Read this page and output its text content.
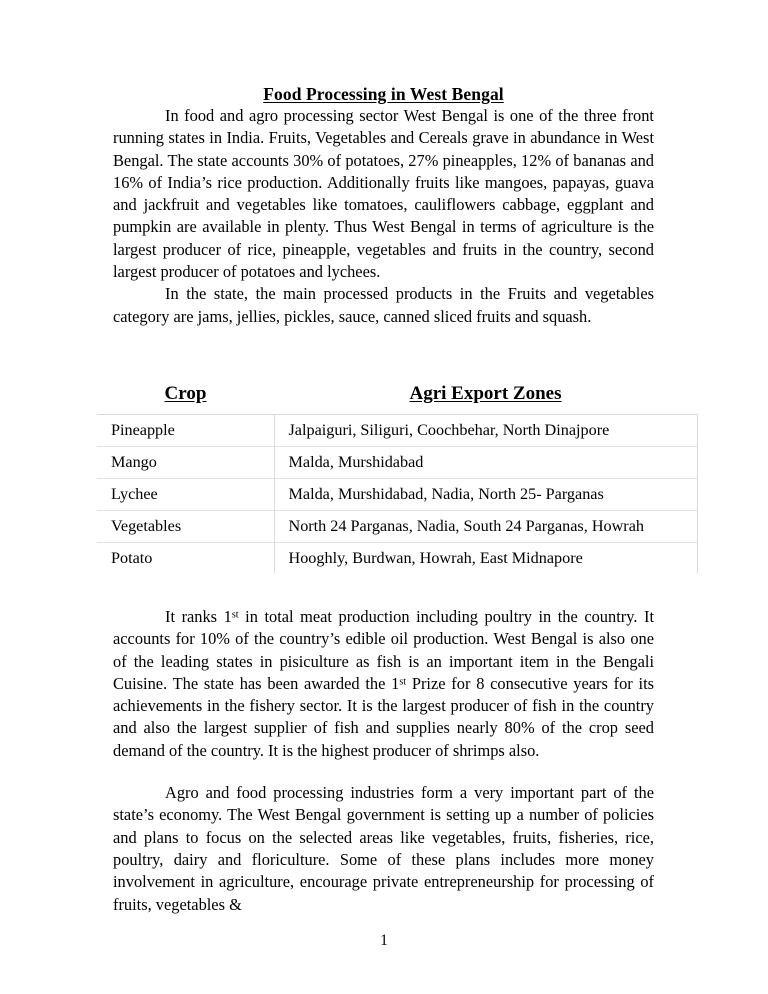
Food Processing in West Bengal

In food and agro processing sector West Bengal is one of the three front running states in India. Fruits, Vegetables and Cereals grave in abundance in West Bengal. The state accounts 30% of potatoes, 27% pineapples, 12% of bananas and 16% of India’s rice production. Additionally fruits like mangoes, papayas, guava and jackfruit and vegetables like tomatoes, cauliflowers cabbage, eggplant and pumpkin are available in plenty. Thus West Bengal in terms of agriculture is the largest producer of rice, pineapple, vegetables and fruits in the country, second largest producer of potatoes and lychees.

In the state, the main processed products in the Fruits and vegetables category are jams, jellies, pickles, sauce, canned sliced fruits and squash.

Crop	Agri Export Zones
Pineapple	Jalpaiguri, Siliguri, Coochbehar, North Dinajpore
Mango	Malda, Murshidabad
Lychee	Malda, Murshidabad, Nadia, North 25- Parganas
Vegetables	North 24 Parganas, Nadia, South 24 Parganas, Howrah
Potato	Hooghly, Burdwan, Howrah, East Midnapore

It ranks 1st in total meat production including poultry in the country. It accounts for 10% of the country’s edible oil production. West Bengal is also one of the leading states in pisiculture as fish is an important item in the Bengali Cuisine. The state has been awarded the 1st Prize for 8 consecutive years for its achievements in the fishery sector. It is the largest producer of fish in the country and also the largest supplier of fish and supplies nearly 80% of the crop seed demand of the country. It is the highest producer of shrimps also.

Agro and food processing industries form a very important part of the state’s economy. The West Bengal government is setting up a number of policies and plans to focus on the selected areas like vegetables, fruits, fisheries, rice, poultry, dairy and floriculture. Some of these plans includes more money involvement in agriculture, encourage private entrepreneurship for processing of fruits, vegetables &

1
